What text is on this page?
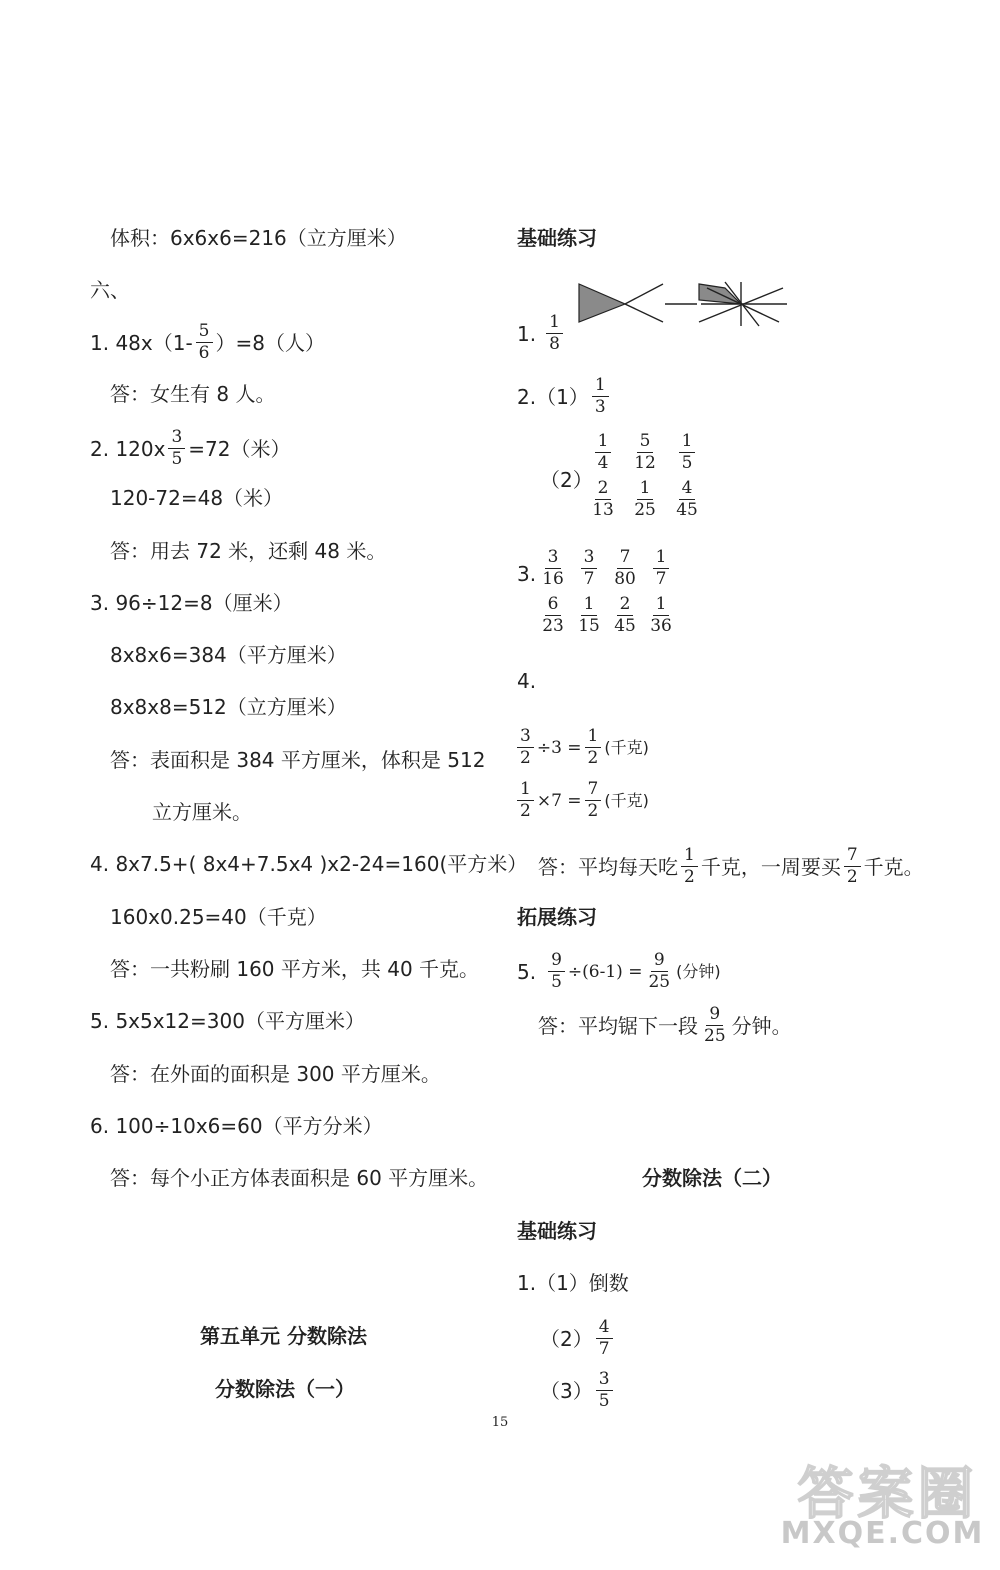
体积：6x6x6=216（立方厘米）
六、
1. $48x(1- \frac{5}{6} )=8$（人）
答：女生有 8 人。
2. $120x \frac{3}{5} =72$（米）
120-72=48（米）
答：用去 72 米，还剩 48 米。
3. 96÷12=8（厘米）
8x8x6=384（平方厘米）
8x8x8=512（立方厘米）
答：表面积是 384 平方厘米，体积是 512
立方厘米。
4. 8x7.5+( 8x4+7.5x4 )x2-24=160(平方米）
160x0.25=40（千克）
答：一共粉刷 160 平方米，共 40 千克。
5. 5x5x12=300（平方厘米）
答：在外面的面积是 300 平方厘米。
6. 100÷10x6=60（平方分米）
答：每个小正方体表面积是 60 平方厘米。
第五单元 分数除法
分数除法（一）
基础练习
1. $\frac{1}{8}$
$2.(1) \frac{1}{3}$
（2）
$\frac{1}{4} \frac{5}{12} \frac{1}{5}$
$\frac{2}{13} \frac{1}{25} \frac{4}{45}$
3. $\frac{3}{16} \frac{3}{7} \frac{7}{80} \frac{1}{7}$
$\frac{6}{23} \frac{1}{15} \frac{2}{45} \frac{1}{36}$
4.
$\frac{3}{2} \div 3 = \frac{1}{2}$ (千克)
$\frac{1}{2} \times 7 = \frac{7}{2}$ (千克)
答：平均每天吃 $\frac{1}{2}$ 千克，一周要买 $\frac{7}{2}$ 千克。
拓展练习
5. $\frac{9}{5} \div(6-1) = \frac{9}{25}$ (分钟)
答：平均锯下一段 $\frac{9}{25}$ 分钟。
分数除法（二）
基础练习
1.（1）倒数
$(2) \frac{4}{7}$
$(3) \frac{3}{5}$
15
答案圈
MXQE.COM
